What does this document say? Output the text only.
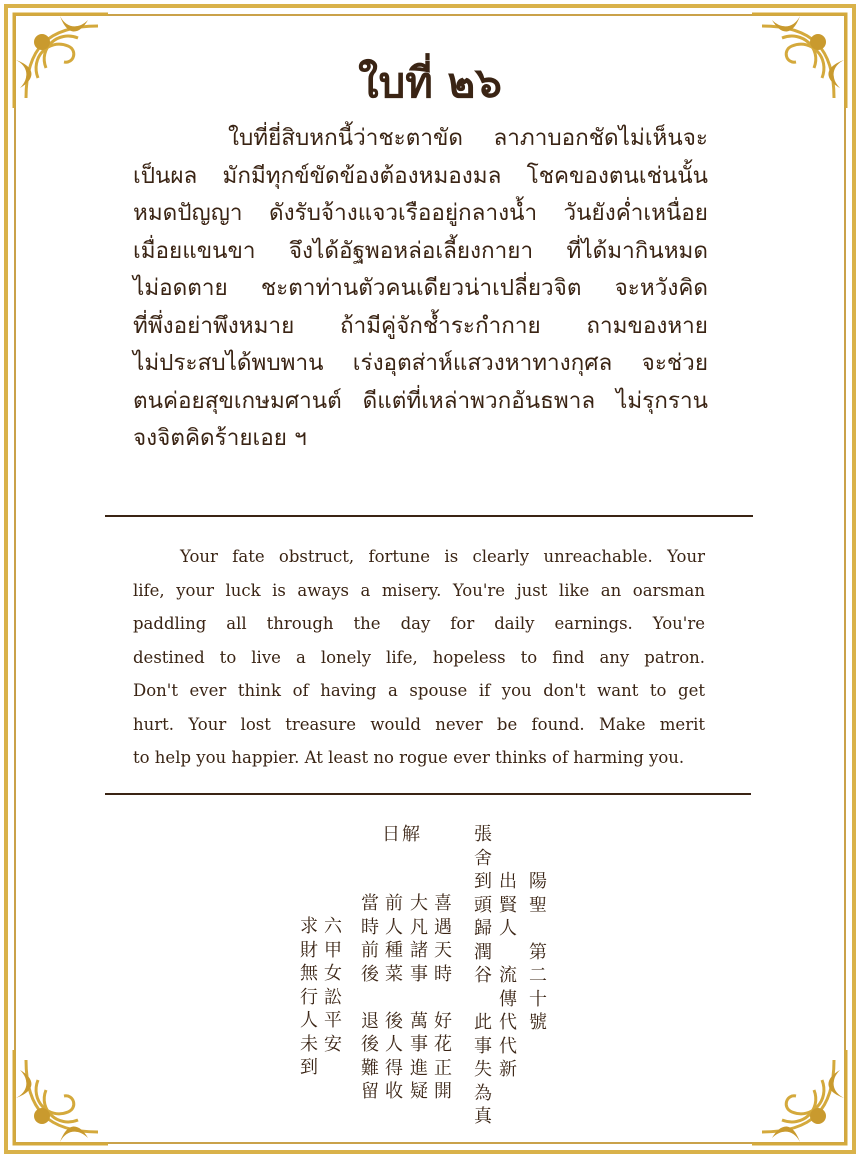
ใบที่ ๒๖
ใบที่ยี่สิบหกนี้ว่าชะตาขัด ลาภาบอกชัดไม่เห็นจะ
เป็นผล มักมีทุกข์ขัดข้องต้องหมองมล โชคของตนเช่นนั้น
หมดปัญญา ดังรับจ้างแจวเรืออยู่กลางน้ำ วันยังค่ำเหนื่อย
เมื่อยแขนขา จึงได้อัฐพอหล่อเลี้ยงกายา ที่ได้มากินหมด
ไม่อดตาย ชะตาท่านตัวคนเดียวน่าเปลี่ยวจิต จะหวังคิด
ที่พึ่งอย่าพึงหมาย ถ้ามีคู่จักช้ำระกำกาย ถามของหาย
ไม่ประสบได้พบพาน เร่งอุตส่าห์แสวงหาทางกุศล จะช่วย
ตนค่อยสุขเกษมศานต์ ดีแต่ที่เหล่าพวกอันธพาล ไม่รุกราน
จงจิตคิดร้ายเอย ฯ
Your fate obstruct, fortune is clearly unreachable. Your
life, your luck is aways a misery. You're just like an oarsman
paddling all through the day for daily earnings. You're
destined to live a lonely life, hopeless to find any patron.
Don't ever think of having a spouse if you don't want to get
hurt. Your lost treasure would never be found. Make merit
to help you happier. At least no rogue ever thinks of harming you.
陽
聖
第
二
十
號
出
賢
人
流
傳
代
代
新
張
舍
到
頭
歸
潤
谷
此
事
失
為
真
解
日
喜
遇
天
時
好
花
正
開
大
凡
諸
事
萬
事
進
疑
前
人
種
菜
後
人
得
收
當
時
前
後
退
後
難
留
六
甲
女
訟
平
安
求
財
無
行
人
未
到
